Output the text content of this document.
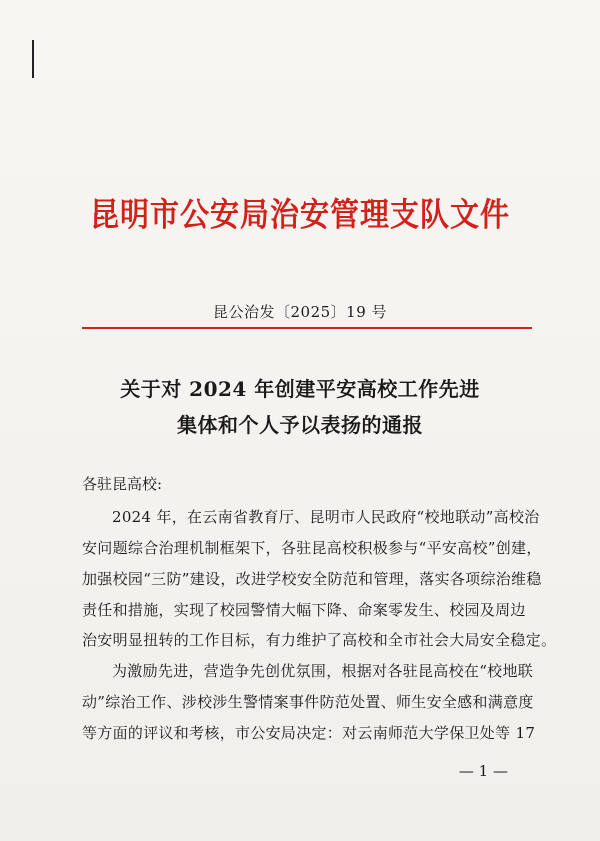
昆明市公安局治安管理支队文件
昆公治发〔2025〕19 号
关于对 2024 年创建平安高校工作先进
集体和个人予以表扬的通报
各驻昆高校:
2024 年，在云南省教育厅、昆明市人民政府“校地联动”高校治
安问题综合治理机制框架下，各驻昆高校积极参与“平安高校”创建，
加强校园“三防”建设，改进学校安全防范和管理，落实各项综治维稳
责任和措施，实现了校园警情大幅下降、命案零发生、校园及周边
治安明显扭转的工作目标，有力维护了高校和全市社会大局安全稳定。
为激励先进，营造争先创优氛围，根据对各驻昆高校在“校地联
动”综治工作、涉校涉生警情案事件防范处置、师生安全感和满意度
等方面的评议和考核，市公安局决定：对云南师范大学保卫处等 17
— 1 —
